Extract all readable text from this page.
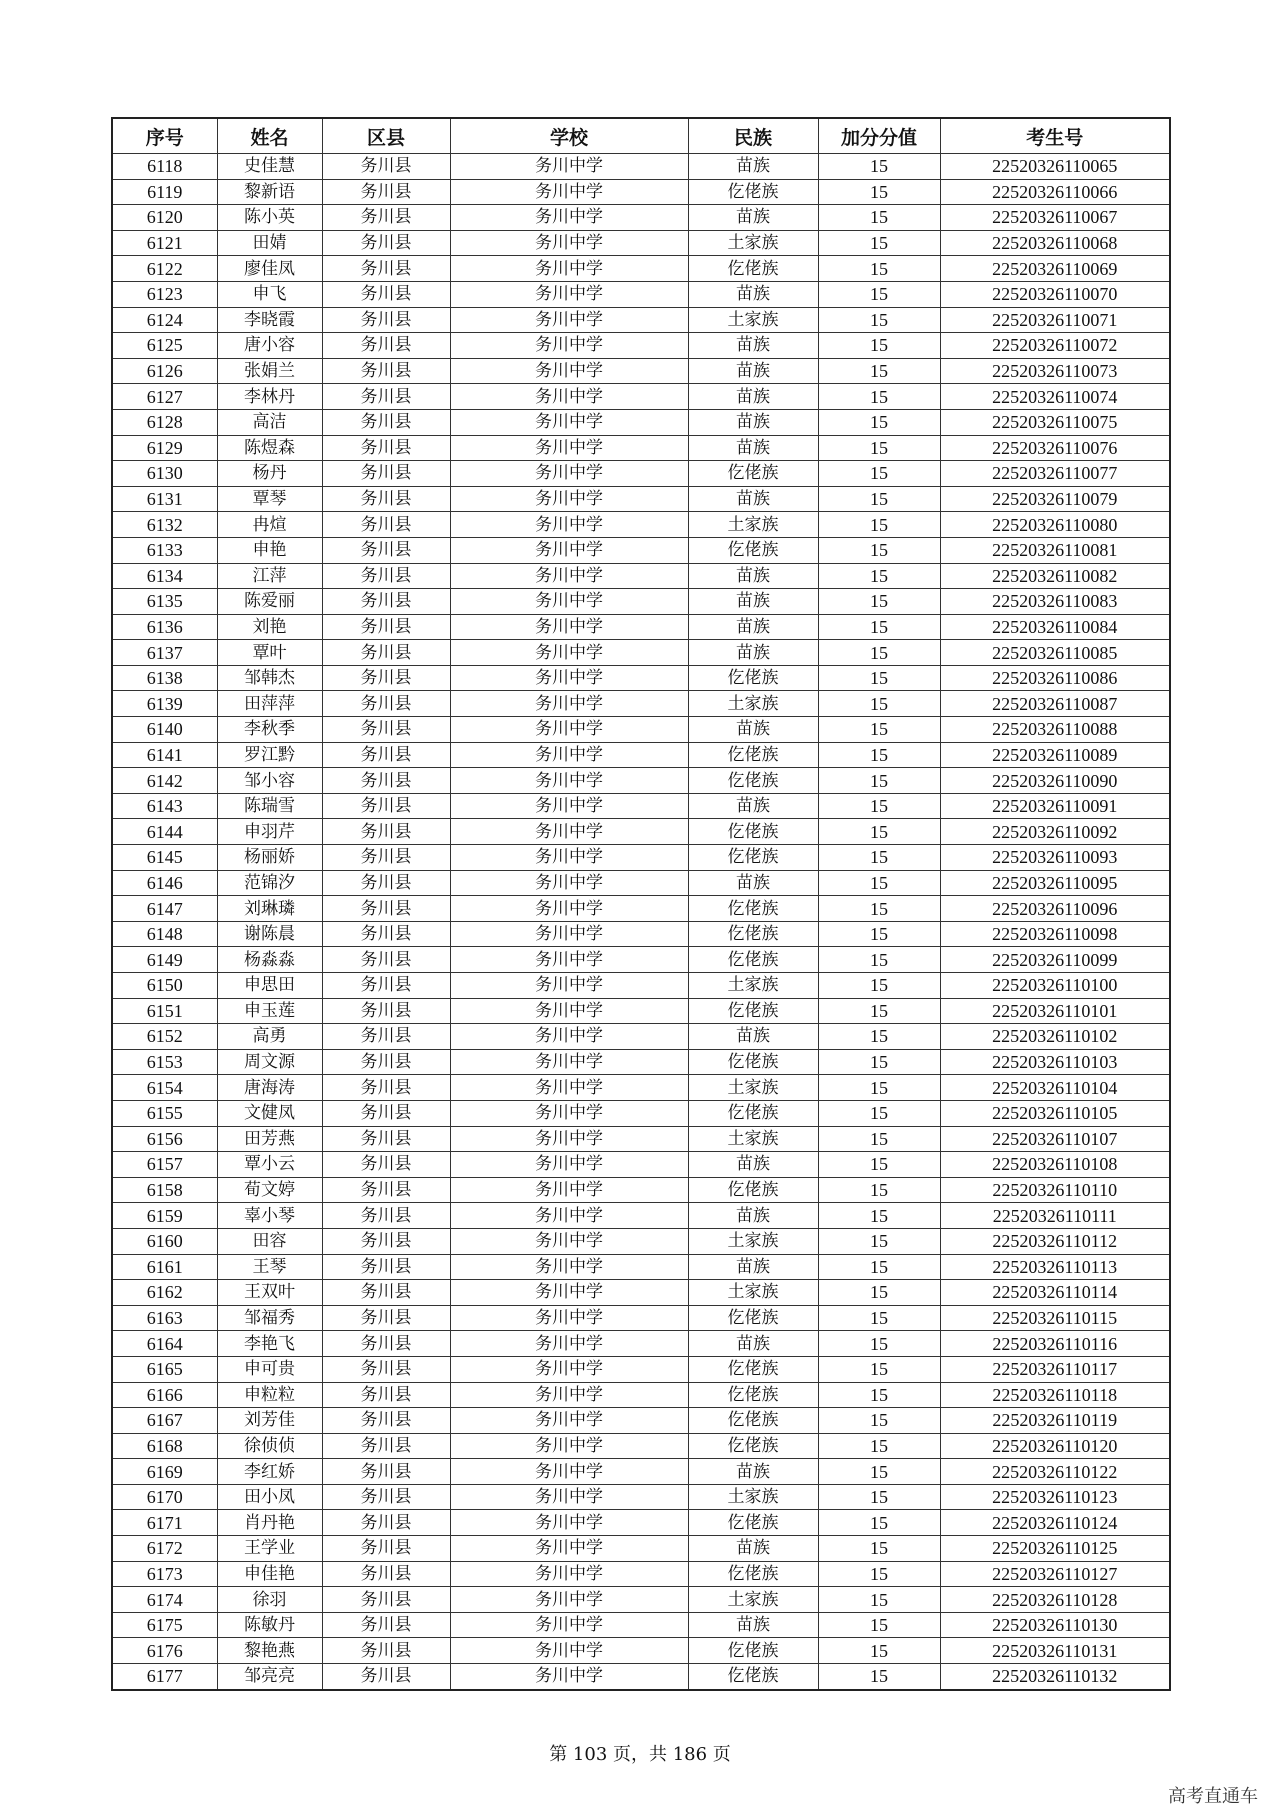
序号	姓名	区县	学校	民族	加分分值	考生号
6118	史佳慧	务川县	务川中学	苗族	15	22520326110065
6119	黎新语	务川县	务川中学	仡佬族	15	22520326110066
6120	陈小英	务川县	务川中学	苗族	15	22520326110067
6121	田婧	务川县	务川中学	土家族	15	22520326110068
6122	廖佳凤	务川县	务川中学	仡佬族	15	22520326110069
6123	申飞	务川县	务川中学	苗族	15	22520326110070
6124	李晓霞	务川县	务川中学	土家族	15	22520326110071
6125	唐小容	务川县	务川中学	苗族	15	22520326110072
6126	张娟兰	务川县	务川中学	苗族	15	22520326110073
6127	李林丹	务川县	务川中学	苗族	15	22520326110074
6128	高洁	务川县	务川中学	苗族	15	22520326110075
6129	陈煜森	务川县	务川中学	苗族	15	22520326110076
6130	杨丹	务川县	务川中学	仡佬族	15	22520326110077
6131	覃琴	务川县	务川中学	苗族	15	22520326110079
6132	冉煊	务川县	务川中学	土家族	15	22520326110080
6133	申艳	务川县	务川中学	仡佬族	15	22520326110081
6134	江萍	务川县	务川中学	苗族	15	22520326110082
6135	陈爱丽	务川县	务川中学	苗族	15	22520326110083
6136	刘艳	务川县	务川中学	苗族	15	22520326110084
6137	覃叶	务川县	务川中学	苗族	15	22520326110085
6138	邹韩杰	务川县	务川中学	仡佬族	15	22520326110086
6139	田萍萍	务川县	务川中学	土家族	15	22520326110087
6140	李秋季	务川县	务川中学	苗族	15	22520326110088
6141	罗江黔	务川县	务川中学	仡佬族	15	22520326110089
6142	邹小容	务川县	务川中学	仡佬族	15	22520326110090
6143	陈瑞雪	务川县	务川中学	苗族	15	22520326110091
6144	申羽芹	务川县	务川中学	仡佬族	15	22520326110092
6145	杨丽娇	务川县	务川中学	仡佬族	15	22520326110093
6146	范锦汐	务川县	务川中学	苗族	15	22520326110095
6147	刘琳璘	务川县	务川中学	仡佬族	15	22520326110096
6148	谢陈晨	务川县	务川中学	仡佬族	15	22520326110098
6149	杨淼淼	务川县	务川中学	仡佬族	15	22520326110099
6150	申思田	务川县	务川中学	土家族	15	22520326110100
6151	申玉莲	务川县	务川中学	仡佬族	15	22520326110101
6152	高勇	务川县	务川中学	苗族	15	22520326110102
6153	周文源	务川县	务川中学	仡佬族	15	22520326110103
6154	唐海涛	务川县	务川中学	土家族	15	22520326110104
6155	文健凤	务川县	务川中学	仡佬族	15	22520326110105
6156	田芳燕	务川县	务川中学	土家族	15	22520326110107
6157	覃小云	务川县	务川中学	苗族	15	22520326110108
6158	荀文婷	务川县	务川中学	仡佬族	15	22520326110110
6159	辜小琴	务川县	务川中学	苗族	15	22520326110111
6160	田容	务川县	务川中学	土家族	15	22520326110112
6161	王琴	务川县	务川中学	苗族	15	22520326110113
6162	王双叶	务川县	务川中学	土家族	15	22520326110114
6163	邹福秀	务川县	务川中学	仡佬族	15	22520326110115
6164	李艳飞	务川县	务川中学	苗族	15	22520326110116
6165	申可贵	务川县	务川中学	仡佬族	15	22520326110117
6166	申粒粒	务川县	务川中学	仡佬族	15	22520326110118
6167	刘芳佳	务川县	务川中学	仡佬族	15	22520326110119
6168	徐侦侦	务川县	务川中学	仡佬族	15	22520326110120
6169	李红娇	务川县	务川中学	苗族	15	22520326110122
6170	田小凤	务川县	务川中学	土家族	15	22520326110123
6171	肖丹艳	务川县	务川中学	仡佬族	15	22520326110124
6172	王学业	务川县	务川中学	苗族	15	22520326110125
6173	申佳艳	务川县	务川中学	仡佬族	15	22520326110127
6174	徐羽	务川县	务川中学	土家族	15	22520326110128
6175	陈敏丹	务川县	务川中学	苗族	15	22520326110130
6176	黎艳燕	务川县	务川中学	仡佬族	15	22520326110131
6177	邹亮亮	务川县	务川中学	仡佬族	15	22520326110132
第 103 页，共 186 页
高考直通车
